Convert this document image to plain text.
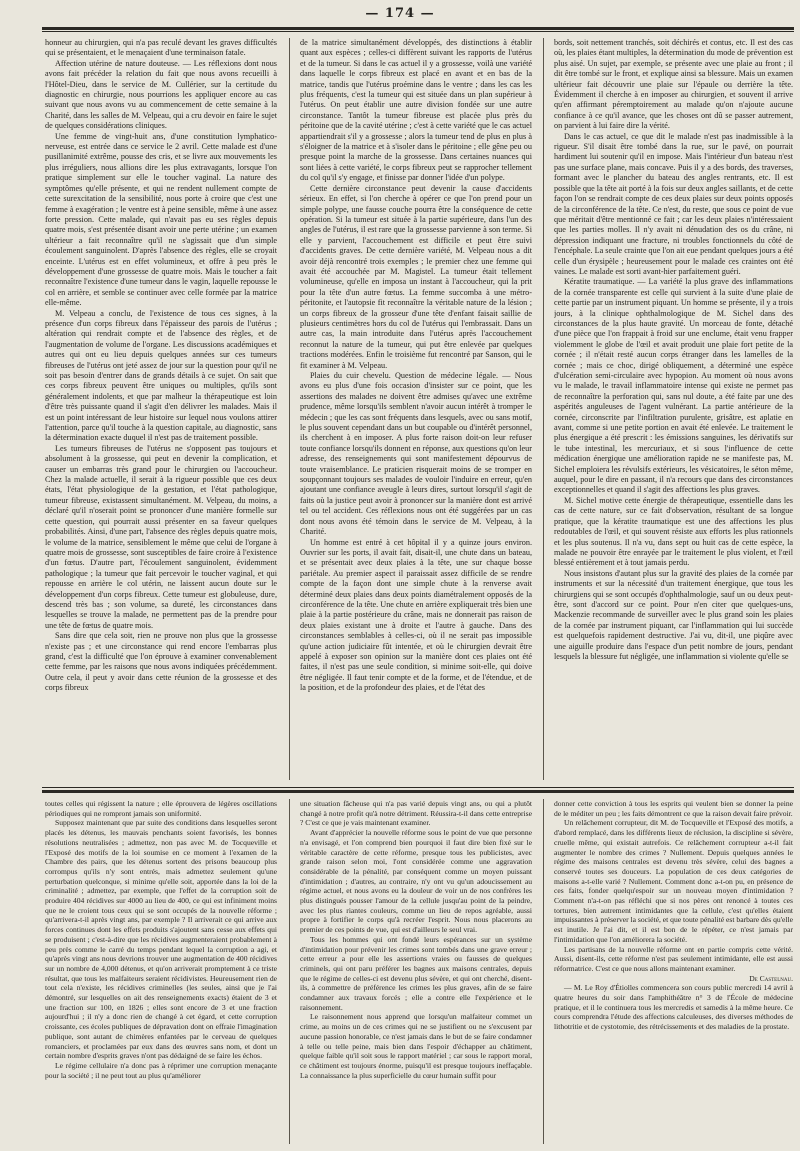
— 174 —

honneur au chirurgien, qui n'a pas reculé devant les graves difficultés qui se présentaient, et le menaçaient d'une terminaison fatale.

Affection utérine de nature douteuse. — Les réflexions dont nous avons fait précéder la relation du fait que nous avons recueilli à l'Hôtel-Dieu, dans le service de M. Cullérier, sur la certitude du diagnostic en chirurgie, nous pourrions les appliquer encore au cas suivant que nous avons vu au commencement de cette semaine à la Charité, dans les salles de M. Velpeau, qui a cru devoir en faire le sujet de quelques considérations cliniques.

Une femme de vingt-huit ans, d'une constitution lymphatico-nerveuse, est entrée dans ce service le 2 avril. Cette malade est d'une pusillanimité extrême, pousse des cris, et se livre aux mouvements les plus irréguliers, nous allions dire les plus extravagants, lorsque l'on pratique simplement sur elle le toucher vaginal. La nature des symptômes qu'elle présente, et qui ne rendent nullement compte de cette surexcitation de la sensibilité, nous porte à croire que c'est une femme à exagération ; le ventre est à peine sensible, même à une assez forte pression. Cette malade, qui n'avait pas eu ses règles depuis quatre mois, s'est présentée disant avoir une perte utérine ; un examen ultérieur a fait reconnaître qu'il ne s'agissait que d'un simple écoulement sanguinolent. D'après l'absence des règles, elle se croyait enceinte. L'utérus est en effet volumineux, et offre à peu près le développement d'une grossesse de quatre mois. Mais le toucher a fait reconnaître l'existence d'une tumeur dans le vagin, laquelle repousse le col en arrière, et semble se continuer avec celle formée par la matrice elle-même.

M. Velpeau a conclu, de l'existence de tous ces signes, à la présence d'un corps fibreux dans l'épaisseur des parois de l'utérus ; altération qui rendrait compte et de l'absence des règles, et de l'augmentation de volume de l'organe. Les discussions académiques et autres qui ont eu lieu depuis quelques années sur ces tumeurs fibreuses de l'utérus ont jeté assez de jour sur la question pour qu'il ne soit pas besoin d'entrer dans de grands détails à ce sujet. On sait que ces corps fibreux peuvent être uniques ou multiples, qu'ils sont généralement indolents, et que par malheur la thérapeutique est loin d'être très puissante quand il s'agit d'en délivrer les malades. Mais il est un point intéressant de leur histoire sur lequel nous voulons attirer l'attention, parce qu'il touche à la question capitale, au diagnostic, sans la détermination exacte duquel il n'est pas de traitement possible.

Les tumeurs fibreuses de l'utérus ne s'opposent pas toujours et absolument à la grossesse, qui peut en devenir la complication, et causer un embarras très grand pour le chirurgien ou l'accoucheur. Chez la malade actuelle, il serait à la rigueur possible que ces deux états, l'état physiologique de la gestation, et l'état pathologique, tumeur fibreuse, existassent simultanément. M. Velpeau, du moins, a déclaré qu'il n'oserait point se prononcer d'une manière formelle sur cette question, qui pourrait aussi présenter en sa faveur quelques probabilités. Ainsi, d'une part, l'absence des règles depuis quatre mois, le volume de la matrice, sensiblement le même que celui de l'organe à quatre mois de grossesse, sont susceptibles de faire croire à l'existence d'un fœtus. D'autre part, l'écoulement sanguinolent, évidemment pathologique ; la tumeur que fait percevoir le toucher vaginal, et qui repousse en arrière le col utérin, ne laissent aucun doute sur le développement d'un corps fibreux. Cette tumeur est globuleuse, dure, descend très bas ; son volume, sa dureté, les circonstances dans lesquelles se trouve la malade, ne permettent pas de la prendre pour une tête de fœtus de quatre mois.

Sans dire que cela soit, rien ne prouve non plus que la grossesse n'existe pas ; et une circonstance qui rend encore l'embarras plus grand, c'est la difficulté que l'on éprouve à examiner convenablement cette femme, par les raisons que nous avons indiquées précédemment. Outre cela, il peut y avoir dans cette réunion de la grossesse et des corps fibreux

de la matrice simultanément développés, des distinctions à établir quant aux espèces ; celles-ci diffèrent suivant les rapports de l'utérus et de la tumeur. Si dans le cas actuel il y a grossesse, voilà une variété dans laquelle le corps fibreux est placé en avant et en bas de la matrice, tandis que l'utérus proémine dans le ventre ; dans les cas les plus fréquents, c'est la tumeur qui est située dans un plan supérieur à l'utérus. On peut établir une autre division fondée sur une autre circonstance. Tantôt la tumeur fibreuse est placée plus près du péritoine que de la cavité utérine ; c'est à cette variété que le cas actuel appartiendrait s'il y a grossesse ; alors la tumeur tend de plus en plus à s'éloigner de la matrice et à s'isoler dans le péritoine ; elle gêne peu ou presque point la marche de la grossesse. Dans certaines nuances qui sont liées à cette variété, le corps fibreux peut se rapprocher tellement du col qu'il s'y engage, et finisse par donner l'idée d'un polype.

Cette dernière circonstance peut devenir la cause d'accidents sérieux. En effet, si l'on cherche à opérer ce que l'on prend pour un simple polype, une fausse couche pourra être la conséquence de cette opération. Si la tumeur est située à la partie supérieure, dans l'un des angles de l'utérus, il est rare que la grossesse parvienne à son terme. Si elle y parvient, l'accouchement est difficile et peut être suivi d'accidents graves. De cette dernière variété, M. Velpeau nous a dit avoir déjà rencontré trois exemples ; le premier chez une femme qui avait été accouchée par M. Magistel. La tumeur était tellement volumineuse, qu'elle en imposa un instant à l'accoucheur, qui la prit pour la tête d'un autre fœtus. La femme succomba à une métro-péritonite, et l'autopsie fit reconnaître la véritable nature de la lésion ; un corps fibreux de la grosseur d'une tête d'enfant faisait saillie de plusieurs centimètres hors du col de l'utérus qui l'embrassait. Dans un autre cas, la main introduite dans l'utérus après l'accouchement reconnut la nature de la tumeur, qui put être enlevée par quelques tractions modérées. Enfin le troisième fut rencontré par Sanson, qui le fit examiner à M. Velpeau.

Plaies du cuir chevelu. Question de médecine légale. — Nous avons eu plus d'une fois occasion d'insister sur ce point, que les assertions des malades ne doivent être admises qu'avec une extrême prudence, même lorsqu'ils semblent n'avoir aucun intérêt à tromper le médecin ; que les cas sont fréquents dans lesquels, avec ou sans motif, le plus souvent cependant dans un but coupable ou d'intérêt personnel, ils cherchent à en imposer. A plus forte raison doit-on leur refuser toute confiance lorsqu'ils donnent en réponse, aux questions qu'on leur adresse, des renseignements qui sont manifestement dépourvus de toute vraisemblance. Le praticien risquerait moins de se tromper en soupçonnant toujours ses malades de vouloir l'induire en erreur, qu'en ajoutant une confiance aveugle à leurs dires, surtout lorsqu'il s'agit de faits où la justice peut avoir à prononcer sur la manière dont est arrivé tel ou tel accident. Ces réflexions nous ont été suggérées par un cas dont nous avons été témoin dans le service de M. Velpeau, à la Charité.

Un homme est entré à cet hôpital il y a quinze jours environ. Ouvrier sur les ports, il avait fait, disait-il, une chute dans un bateau, et se présentait avec deux plaies à la tête, une sur chaque bosse pariétale. Au premier aspect il paraissait assez difficile de se rendre compte de la façon dont une simple chute à la renverse avait déterminé deux plaies dans deux points diamétralement opposés de la circonférence de la tête. Une chute en arrière expliquerait très bien une plaie à la partie postérieure du crâne, mais ne donnerait pas raison de deux plaies existant une à droite et l'autre à gauche. Dans des circonstances semblables à celles-ci, où il ne serait pas impossible qu'une action judiciaire fût intentée, et où le chirurgien devrait être appelé à exposer son opinion sur la manière dont ces plaies ont été faites, il n'est pas une seule condition, si minime soit-elle, qui doive être négligée. Il faut tenir compte et de la forme, et de l'étendue, et de la position, et de la profondeur des plaies, et de l'état des

bords, soit nettement tranchés, soit déchirés et contus, etc. Il est des cas où, les plaies étant multiples, la détermination du mode de prévention est plus aisé. Un sujet, par exemple, se présente avec une plaie au front ; il dit être tombé sur le front, et explique ainsi sa blessure. Mais un examen ultérieur fait découvrir une plaie sur l'épaule ou derrière la tête. Évidemment il cherche à en imposer au chirurgien, et souvent il arrive qu'en affirmant péremptoirement au malade qu'on n'ajoute aucune confiance à ce qu'il avance, que les choses ont dû se passer autrement, on parvient à lui faire dire la vérité.

Dans le cas actuel, ce que dit le malade n'est pas inadmissible à la rigueur. S'il disait être tombé dans la rue, sur le pavé, on pourrait hardiment lui soutenir qu'il en impose. Mais l'intérieur d'un bateau n'est pas une surface plane, mais concave. Puis il y a des bords, des traverses, formant avec le plancher du bateau des angles rentrants, etc. Il est possible que la tête ait porté à la fois sur deux angles saillants, et de cette façon l'on se rendrait compte de ces deux plaies sur deux points opposés de la circonférence de la tête. Ce n'est, du reste, que sous ce point de vue que méritait d'être mentionné ce fait ; car les deux plaies n'intéressaient que les parties molles. Il n'y avait ni dénudation des os du crâne, ni dépression indiquant une fracture, ni troubles fonctionnels du côté de l'encéphale. La seule crainte que l'on ait eue pendant quelques jours a été celle d'un érysipèle ; heureusement pour le malade ces craintes ont été vaines. Le malade est sorti avant-hier parfaitement guéri.

Kératite traumatique. — La variété la plus grave des inflammations de la cornée transparente est celle qui survient à la suite d'une plaie de cette partie par un instrument piquant. Un homme se présente, il y a trois jours, à la clinique ophthalmologique de M. Sichel dans des circonstances de la plus haute gravité. Un morceau de fonte, détaché d'une pièce que l'on frappait à froid sur une enclume, était venu frapper violemment le globe de l'œil et avait produit une plaie fort petite de la cornée ; il n'était resté aucun corps étranger dans les lamelles de la cornée ; mais ce choc, dirigé obliquement, a déterminé une espèce d'ulcération semi-circulaire avec hypopion. Au moment où nous avons vu le malade, le travail inflammatoire intense qui existe ne permet pas de reconnaître la perforation qui, sans nul doute, a été faite par une des aspérités anguleuses de l'agent vulnérant. La partie antérieure de la cornée, circonscrite par l'infiltration purulente, grisâtre, est aplatie en avant, comme si une petite portion en avait été enlevée. Le traitement le plus énergique a été prescrit : les émissions sanguines, les dérivatifs sur le tube intestinal, les mercuriaux, et si sous l'influence de cette médication énergique une amélioration rapide ne se manifeste pas, M. Sichel emploiera les révulsifs extérieurs, les vésicatoires, le séton même, auquel, pour le dire en passant, il n'a recours que dans des circonstances exceptionnelles et quand il s'agit des affections les plus graves.

M. Sichel motive cette énergie de thérapeutique, essentielle dans les cas de cette nature, sur ce fait d'observation, résultant de sa longue pratique, que la kératite traumatique est une des affections les plus redoutables de l'œil, et qui souvent résiste aux efforts les plus rationnels et les plus soutenus. Il n'a vu, dans sept ou huit cas de cette espèce, la malade ne pouvoir être enrayée par le traitement le plus violent, et l'œil blessé entièrement et à tout jamais perdu.

Nous insistons d'autant plus sur la gravité des plaies de la cornée par instruments et sur la nécessité d'un traitement énergique, que tous les chirurgiens qui se sont occupés d'ophthalmologie, sauf un ou deux peut-être, sont d'accord sur ce point. Pour n'en citer que quelques-uns, Mackenzie recommande de surveiller avec le plus grand soin les plaies de la cornée par instrument piquant, car l'inflammation qui lui succède est quelquefois rapidement destructive. J'ai vu, dit-il, une piqûre avec une aiguille produire dans l'espace d'un petit nombre de jours, pendant lesquels la blessure fut négligée, une inflammation si violente qu'elle se

toutes celles qui régissent la nature ; elle éprouvera de légères oscillations périodiques qui ne rompront jamais son uniformité.

Supposez maintenant que par suite des conditions dans lesquelles seront placés les détenus, les mauvais penchants soient favorisés, les bonnes résolutions neutralisées ; admettez, non pas avec M. de Tocqueville et l'Exposé des motifs de la loi soumise en ce moment à l'examen de la Chambre des pairs, que les détenus sortent des prisons beaucoup plus corrompus qu'ils n'y sont entrés, mais admettez seulement qu'une perturbation quelconque, si minime qu'elle soit, apportée dans la loi de la criminalité ; admettez, par exemple, que l'effet de la corruption soit de produire 404 récidives sur 4000 au lieu de 400, ce qui est infiniment moins que ne le croient tous ceux qui se sont occupés de la nouvelle réforme ; qu'arrivera-t-il après vingt ans, par exemple ? Il arriverait ce qui arrive aux forces continues dont les effets produits s'ajoutent sans cesse aux effets qui se produisent ; c'est-à-dire que les récidives augmenteraient probablement à peu près comme le carré du temps pendant lequel la corruption a agi, et qu'après vingt ans nous devrions trouver une augmentation de 400 récidives sur un nombre de 4,000 détenus, et qu'on arriverait promptement à ce triste résultat, que tous les malfaiteurs seraient récidivistes. Heureusement rien de tout cela n'existe, les récidives criminelles (les seules, ainsi que je l'ai démontré, sur lesquelles on ait des renseignements exacts) étaient de 3 et une fraction sur 100, en 1826 ; elles sont encore de 3 et une fraction aujourd'hui ; il n'y a donc rien de changé à cet égard, et cette corruption croissante, ces écoles publiques de dépravation dont on effraie l'imagination publique, sont autant de chimères enfantées par le cerveau de quelques romanciers, et proclamées par eux dans des œuvres sans nom, et dont un certain nombre d'esprits graves n'ont pas dédaigné de se faire les échos.

Le régime cellulaire n'a donc pas à réprimer une corruption menaçante pour la société ; il ne peut tout au plus qu'améliorer

une situation fâcheuse qui n'a pas varié depuis vingt ans, ou qui a plutôt changé à notre profit qu'à notre détriment. Réussira-t-il dans cette entreprise ? C'est ce que je vais maintenant examiner.

Avant d'apprécier la nouvelle réforme sous le point de vue que personne n'a envisagé, et l'on comprend bien pourquoi il faut dire bien fixé sur le véritable caractère de cette réforme, presque tous les publicistes, avec grande raison selon moi, l'ont considérée comme une aggravation considérable de la pénalité, par conséquent comme un moyen puissant d'intimidation ; d'autres, au contraire, n'y ont vu qu'un adoucissement au régime actuel, et nous avons eu la douleur de voir un de nos confrères les plus distingués pousser l'amour de la cellule jusqu'au point de la peindre, avec les plus riantes couleurs, comme un lieu de repos agréable, aussi propre à fortifier le corps qu'à recréer l'esprit. Nous nous placerons au premier de ces points de vue, qui est d'ailleurs le seul vrai.

Tous les hommes qui ont fondé leurs espérances sur un système d'intimidation pour prévenir les crimes sont tombés dans une grave erreur ; cette erreur a pour elle les assertions vraies ou fausses de quelques criminels, qui ont paru préférer les bagnes aux maisons centrales, depuis que le régime de celles-ci est devenu plus sévère, et qui ont cherché, disent-ils, à commettre de préférence les crimes les plus graves, afin de se faire condamner aux travaux forcés ; elle a contre elle l'expérience et le raisonnement.

Le raisonnement nous apprend que lorsqu'un malfaiteur commet un crime, au moins un de ces crimes qui ne se justifient ou ne s'excusent par aucune passion honorable, ce n'est jamais dans le but de se faire condamner à telle ou telle peine, mais bien dans l'espoir d'échapper au châtiment, quelque faible qu'il soit sous le rapport matériel ; car sous le rapport moral, ce châtiment est toujours énorme, puisqu'il est presque toujours ineffaçable. La connaissance la plus superficielle du cœur humain suffit pour

donner cette conviction à tous les esprits qui veulent bien se donner la peine de le méditer un peu ; les faits démontrent ce que la raison devait faire prévoir.

Un relâchement corrupteur, dit M. de Tocqueville et l'Exposé des motifs, a d'abord remplacé, dans les différents lieux de réclusion, la discipline si sévère, cruelle même, qui existait autrefois. Ce relâchement corrupteur a-t-il fait augmenter le nombre des crimes ? Nullement. Depuis quelques années le régime des maisons centrales est devenu très sévère, celui des bagnes a conservé toutes ses douceurs. La population de ces deux catégories de maisons a-t-elle varié ? Nullement. Comment donc a-t-on pu, en présence de ces faits, fonder quelqu'espoir sur un nouveau moyen d'intimidation ? Comment n'a-t-on pas réfléchi que si nos pères ont renoncé à toutes ces tortures, bien autrement intimidantes que la cellule, c'est qu'elles étaient impuissantes à préserver la société, et que toute pénalité est barbare dès qu'elle est inutile. Je l'ai dit, et il est bon de le répéter, ce n'est jamais par l'intimidation que l'on améliorera la société.

Les partisans de la nouvelle réforme ont en partie compris cette vérité. Aussi, disent-ils, cette réforme n'est pas seulement intimidante, elle est aussi réformatrice. C'est ce que nous allons maintenant examiner.

De Castelnau.

— M. Le Roy d'Étiolles commencera son cours public mercredi 14 avril à quatre heures du soir dans l'amphithéâtre n° 3 de l'École de médecine pratique, et il le continuera tous les mercredis et samedis à la même heure. Ce cours comprendra l'étude des affections calculeuses, des diverses méthodes de lithotritie et de cystotomie, des rétrécissements et des maladies de la prostate.
